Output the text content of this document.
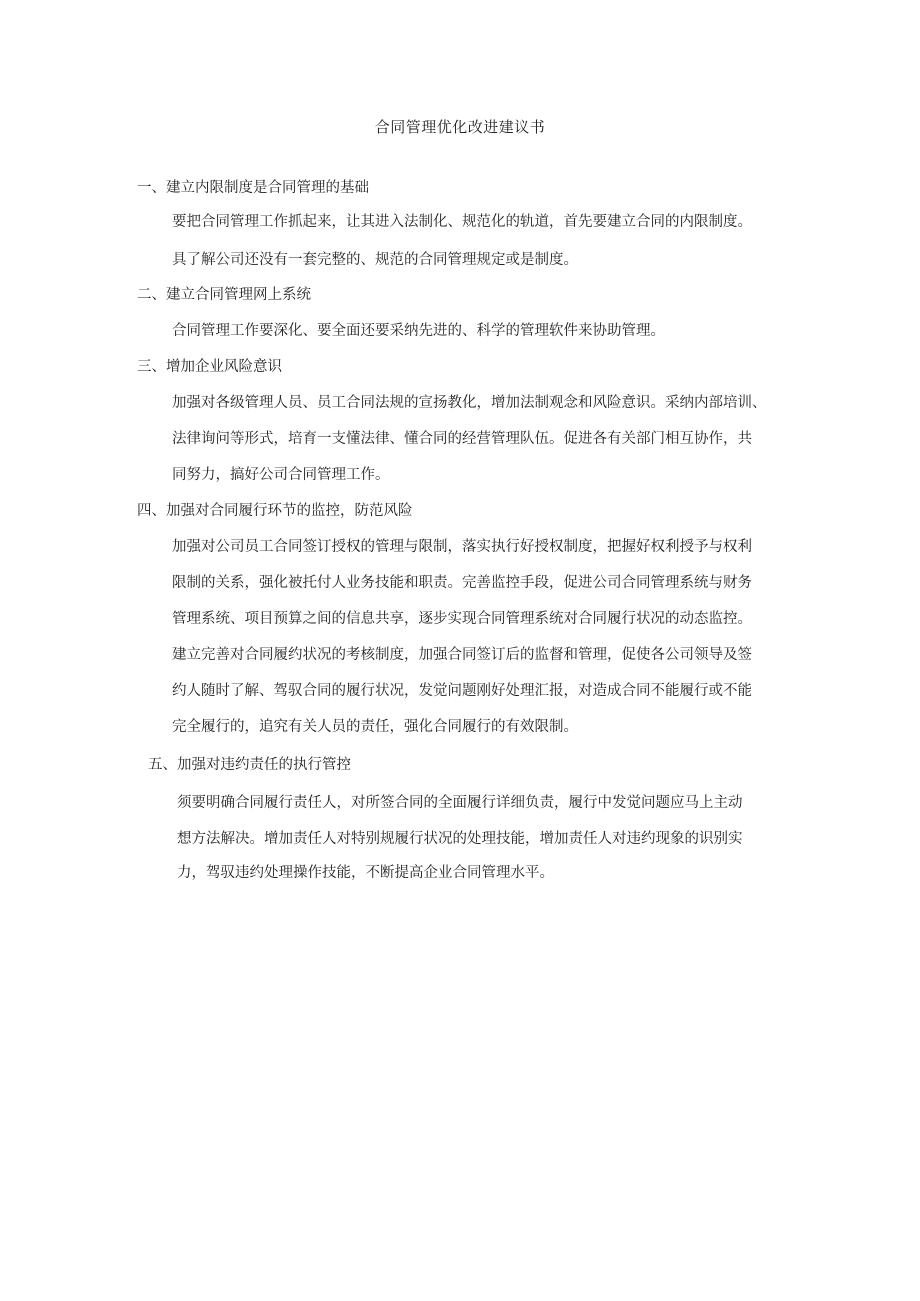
合同管理优化改进建议书
一、建立内限制度是合同管理的基础
要把合同管理工作抓起来，让其进入法制化、规范化的轨道，首先要建立合同的内限制度。
具了解公司还没有一套完整的、规范的合同管理规定或是制度。
二、建立合同管理网上系统
合同管理工作要深化、要全面还要采纳先进的、科学的管理软件来协助管理。
三、增加企业风险意识
加强对各级管理人员、员工合同法规的宣扬教化，增加法制观念和风险意识。采纳内部培训、
法律询问等形式，培育一支懂法律、懂合同的经营管理队伍。促进各有关部门相互协作，共
同努力，搞好公司合同管理工作。
四、加强对合同履行环节的监控，防范风险
加强对公司员工合同签订授权的管理与限制，落实执行好授权制度，把握好权利授予与权利
限制的关系，强化被托付人业务技能和职责。完善监控手段，促进公司合同管理系统与财务
管理系统、项目预算之间的信息共享，逐步实现合同管理系统对合同履行状况的动态监控。
建立完善对合同履约状况的考核制度，加强合同签订后的监督和管理，促使各公司领导及签
约人随时了解、驾驭合同的履行状况，发觉问题刚好处理汇报，对造成合同不能履行或不能
完全履行的，追究有关人员的责任，强化合同履行的有效限制。
五、加强对违约责任的执行管控
须要明确合同履行责任人，对所签合同的全面履行详细负责，履行中发觉问题应马上主动
想方法解决。增加责任人对特别规履行状况的处理技能，增加责任人对违约现象的识别实
力，驾驭违约处理操作技能，不断提高企业合同管理水平。
